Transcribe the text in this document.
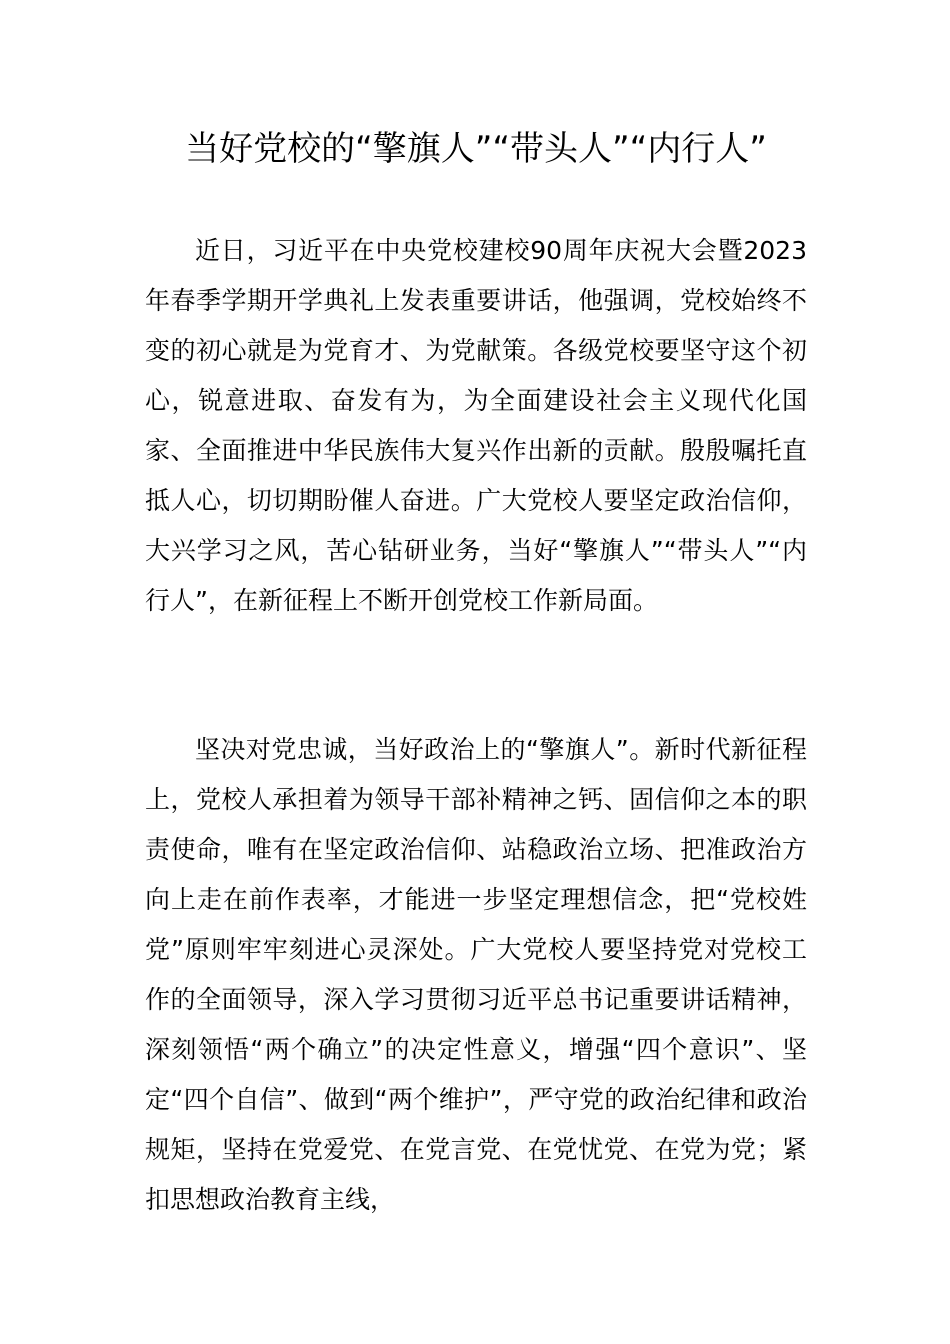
当好党校的“擎旗人”“带头人”“内行人”

近日，习近平在中央党校建校90周年庆祝大会暨2023年春季学期开学典礼上发表重要讲话，他强调，党校始终不变的初心就是为党育才、为党献策。各级党校要坚守这个初心，锐意进取、奋发有为，为全面建设社会主义现代化国家、全面推进中华民族伟大复兴作出新的贡献。殷殷嘱托直抵人心，切切期盼催人奋进。广大党校人要坚定政治信仰，大兴学习之风，苦心钻研业务，当好“擎旗人”“带头人”“内行人”，在新征程上不断开创党校工作新局面。

坚决对党忠诚，当好政治上的“擎旗人”。新时代新征程上，党校人承担着为领导干部补精神之钙、固信仰之本的职责使命，唯有在坚定政治信仰、站稳政治立场、把准政治方向上走在前作表率，才能进一步坚定理想信念，把“党校姓党”原则牢牢刻进心灵深处。广大党校人要坚持党对党校工作的全面领导，深入学习贯彻习近平总书记重要讲话精神，深刻领悟“两个确立”的决定性意义，增强“四个意识”、坚定“四个自信”、做到“两个维护”，严守党的政治纪律和政治规矩，坚持在党爱党、在党言党、在党忧党、在党为党；紧扣思想政治教育主线，
